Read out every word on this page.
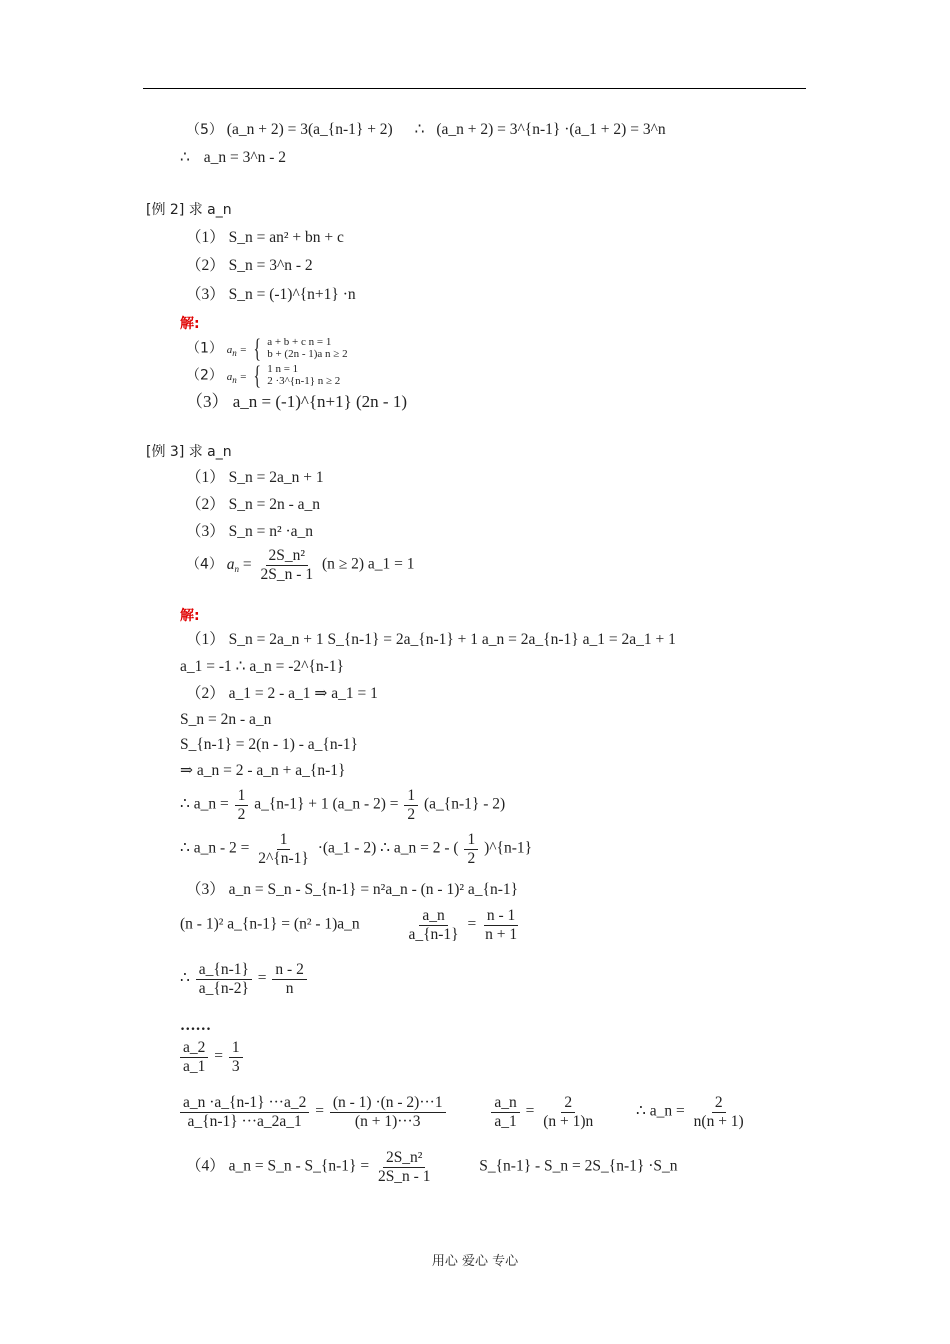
（5） (a_n + 2) = 3(a_{n-1} + 2) ∴ (a_n + 2) = 3^{n-1} ·(a_1 + 2) = 3^n
∴ a_n = 3^n - 2
[例 2] 求 a_n
（1） S_n = an² + bn + c
（2） S_n = 3^n - 2
（3） S_n = (-1)^{n+1} ·n
解:
（1） $a_n$ = { a + b + c n = 1
b + (2n - 1)a n ≥ 2
（2） $a_n$ = { 1 n = 1
2 ·3^{n-1} n ≥ 2
（3） a_n = (-1)^{n+1} (2n - 1)
[例 3] 求 a_n
（1） S_n = 2a_n + 1
（2） S_n = 2n - a_n
（3） S_n = n² ·a_n
（4） $a_n = \frac{\text{2S\_n²}}{2S\_n - 1} (n \ge 2)$ a_1 = 1
解:
（1） S_n = 2a_n + 1 S_{n-1} = 2a_{n-1} + 1 a_n = 2a_{n-1} a_1 = 2a_1 + 1
a_1 = -1 ∴ a_n = -2^{n-1}
（2） a_1 = 2 - a_1 ⇒ a_1 = 1
S_n = 2n - a_n
S_{n-1} = 2(n - 1) - a_{n-1}
⇒ a_n = 2 - a_n + a_{n-1}
∴ a_n = $\frac{1}{2}$ a_{n-1} + 1 (a_n - $2) = \frac{1}{2}$ (a_{n-1} - 2)
∴ a_n - $2 = \frac{1}{2\^{}\{n-1\}}$ ·(a_1 - 2) ∴ a_n = 2 - ( $\frac{1}{2}$ )^{n-1}
（3） a_n = S_n - S_{n-1} = n²a_n - (n - 1)² a_{n-1}
(n - 1)² a_{n-1} = (n² - 1)a_n	$\frac{a\_n}{a\_\{n-1\}} = \frac{n - 1}{n + 1}$
∴ $\frac{a\_\{n-1\}}{a\_\{n-2\}} = \frac{n - 2}{n}$
……
$\frac{a\_2}{a\_1} = \frac{1}{3}$
$\frac{a\_n \cdot a\_\{n-1\} \cdot\cdot\cdot a\_2}{a\_\{n-1\} \cdot\cdot\cdot a\_2a\_1} = \frac{(n - 1) \cdot(n - 2)\cdot\cdot\cdot 1}{(n + 1)\cdot\cdot\cdot 3}$
	$\frac{a\_n}{a\_1} = \frac{2}{(n + 1)n}$	∴ a_n = $\frac{2}{n(n + 1)}$
（4） a_n = S_n - S_{n-1} = $\frac{\text{2S\_n²}}{2S\_n - 1}$	S_{n-1} - S_n = 2S_{n-1} ·S_n
用心 爱心 专心
